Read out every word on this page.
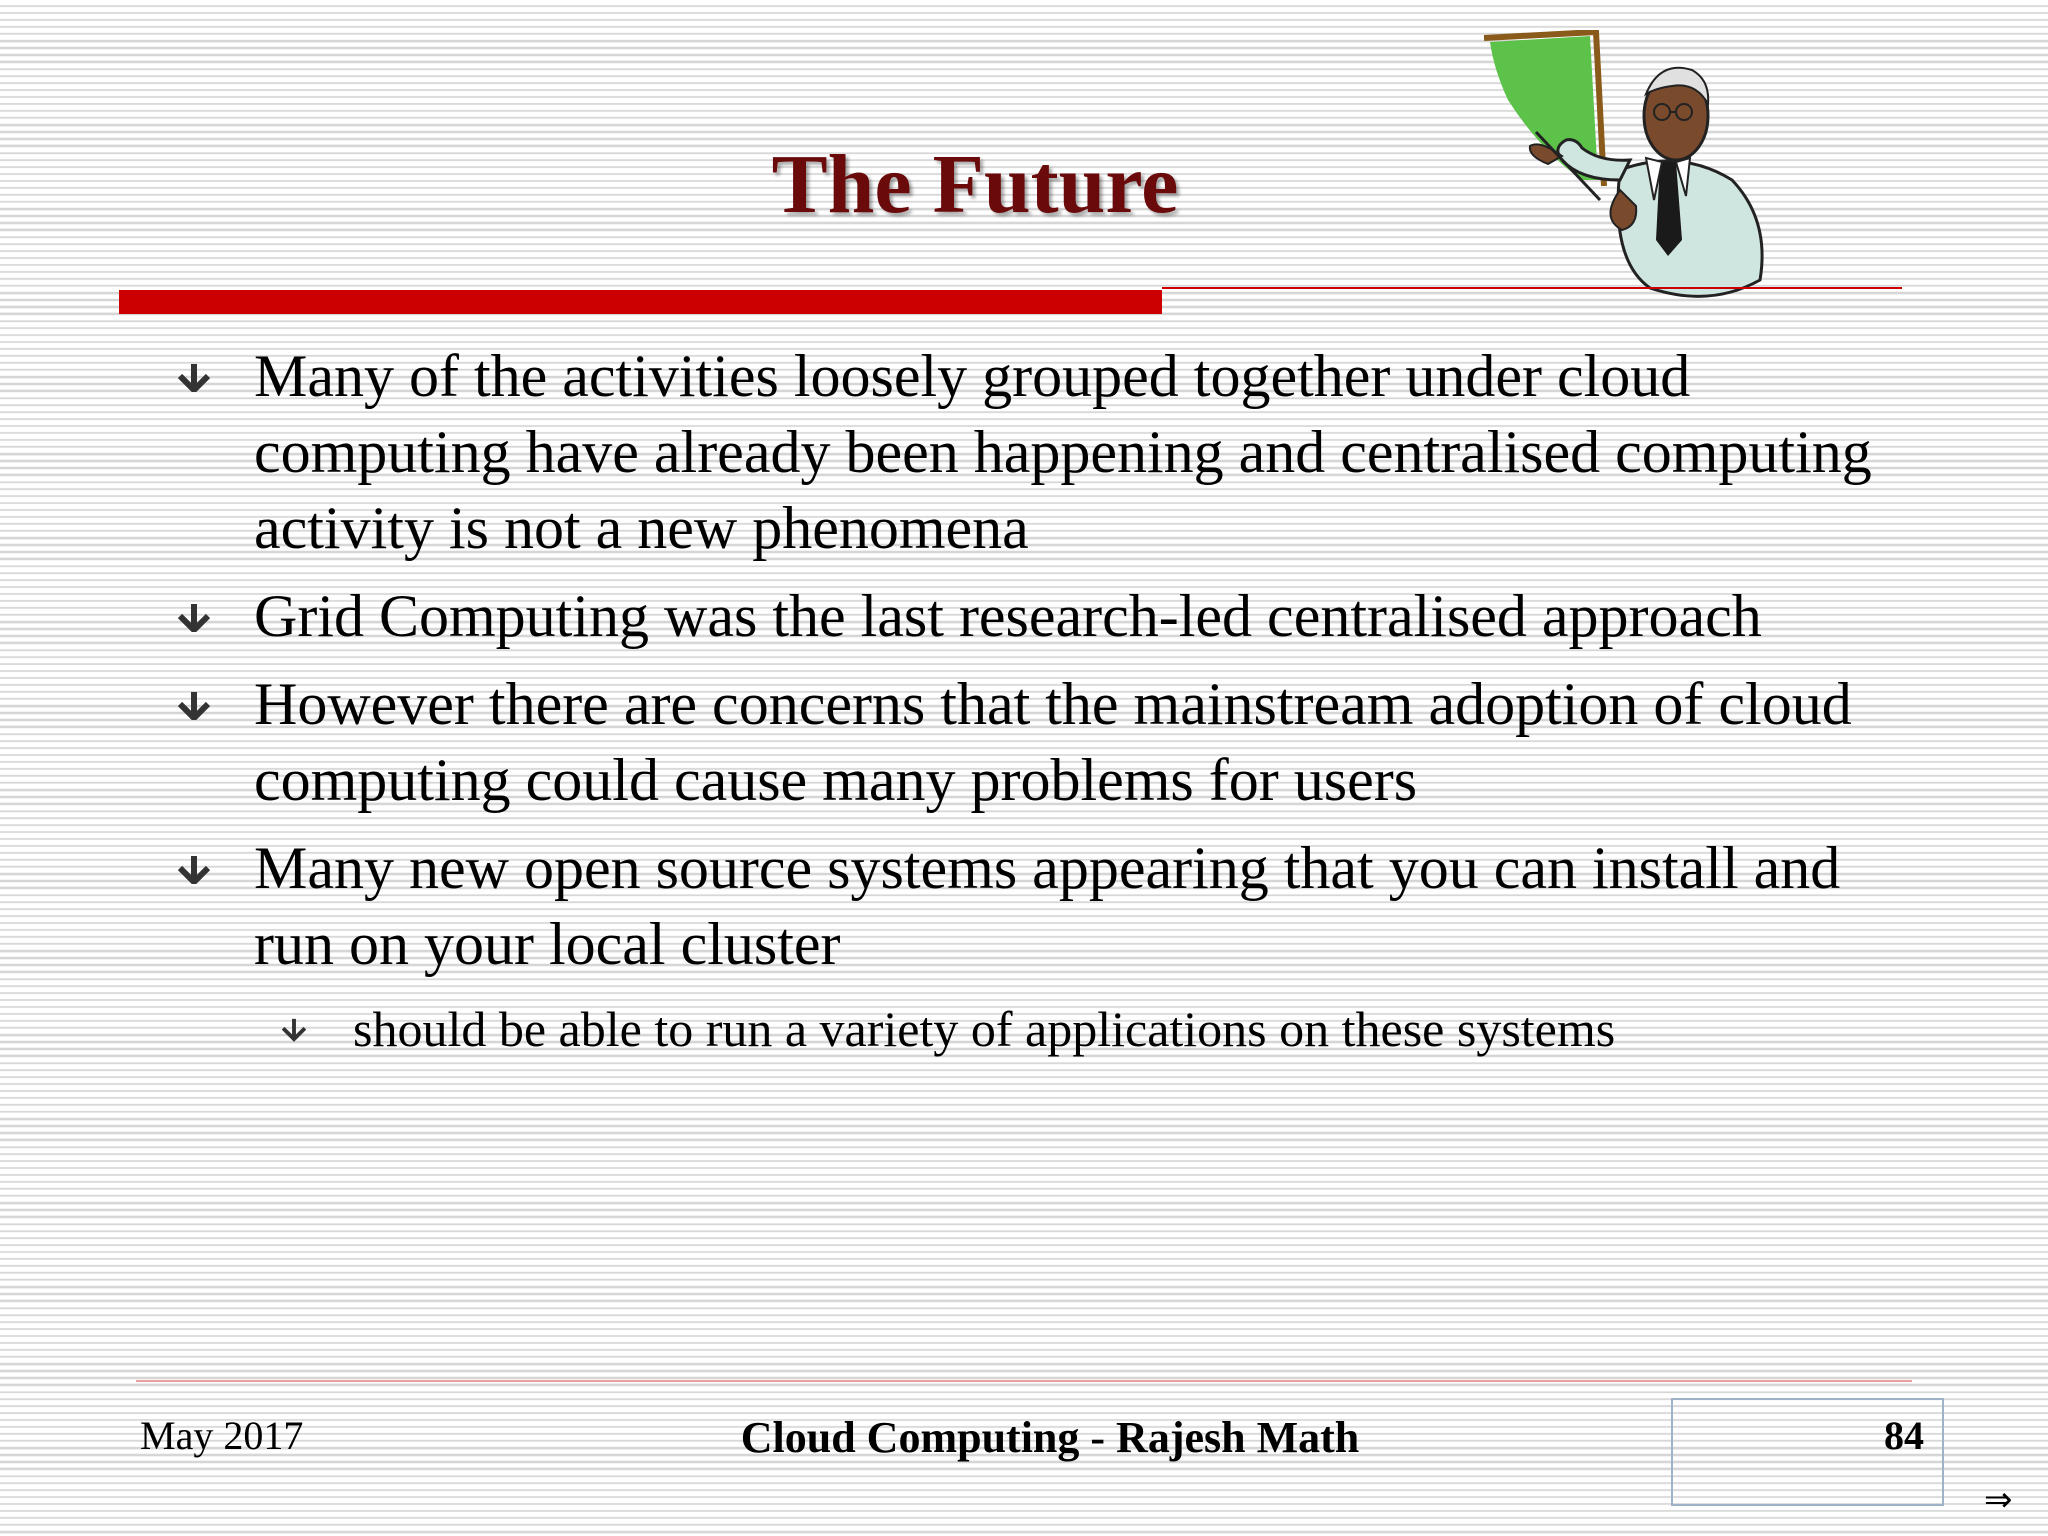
The Future
Many of the activities loosely grouped together under cloud computing have already been happening and centralised computing activity is not a new phenomena
Grid Computing was the last research-led centralised approach
However there are concerns that the mainstream adoption of cloud computing could cause many problems for users
Many new open source systems appearing that you can install and run on your local cluster
should be able to run a variety of applications on these systems
May 2017	Cloud Computing - Rajesh Math	84
⇒
